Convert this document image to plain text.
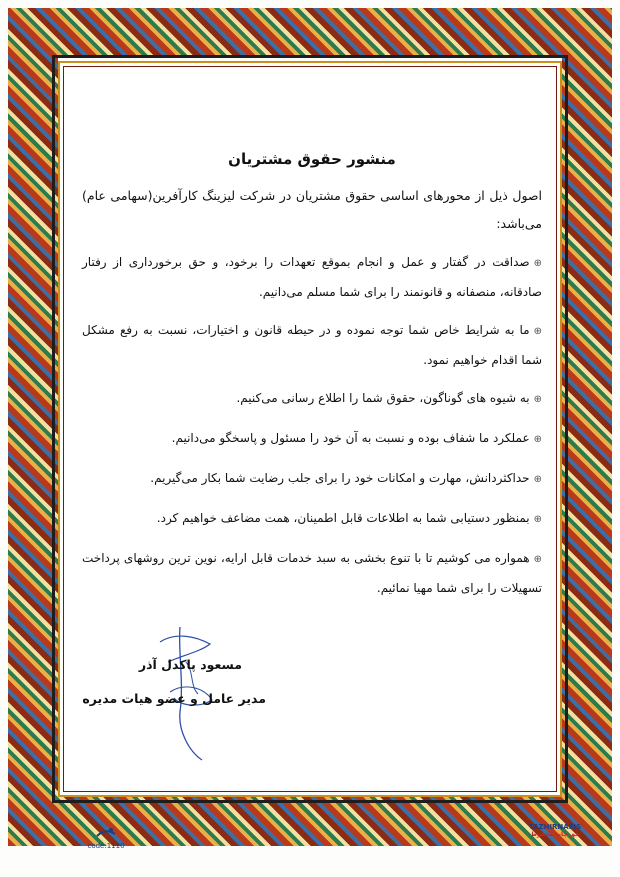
منشور حقوق مشتریان

اصول ذیل از محورهای اساسی حقوق مشتریان در شرکت لیزینگ کارآفرین(سهامی عام) می‌باشد:

⊕صداقت در گفتار و عمل و انجام بموقع تعهدات را برخود، و حق برخورداری از رفتار صادقانه، منصفانه و قانونمند را برای شما مسلم می‌دانیم.

⊕ما به شرایط خاص شما توجه نموده و در حیطه قانون و اختیارات، نسبت به رفع مشکل شما اقدام خواهیم نمود.

⊕به شیوه های گوناگون، حقوق شما را اطلاع رسانی می‌کنیم.

⊕عملکرد ما شفاف بوده و نسبت به آن خود را مسئول و پاسخگو می‌دانیم.

⊕حداکثردانش، مهارت و امکانات خود را برای جلب رضایت شما بکار می‌گیریم.

⊕بمنظور دستیابی شما به اطلاعات قابل اطمینان، همت مضاعف خواهیم کرد.

⊕همواره می کوشیم تا با تنوع بخشی به سبد خدمات قابل ارایه، نوین ترین روشهای پرداخت تسهیلات را برای شما مهیا نمائیم.

مسعود پاکدل آذر
مدیر عامل و عضو هیات مدیره
code:1110
TAZHIRNAFIS
حق چاپ محفوظ
